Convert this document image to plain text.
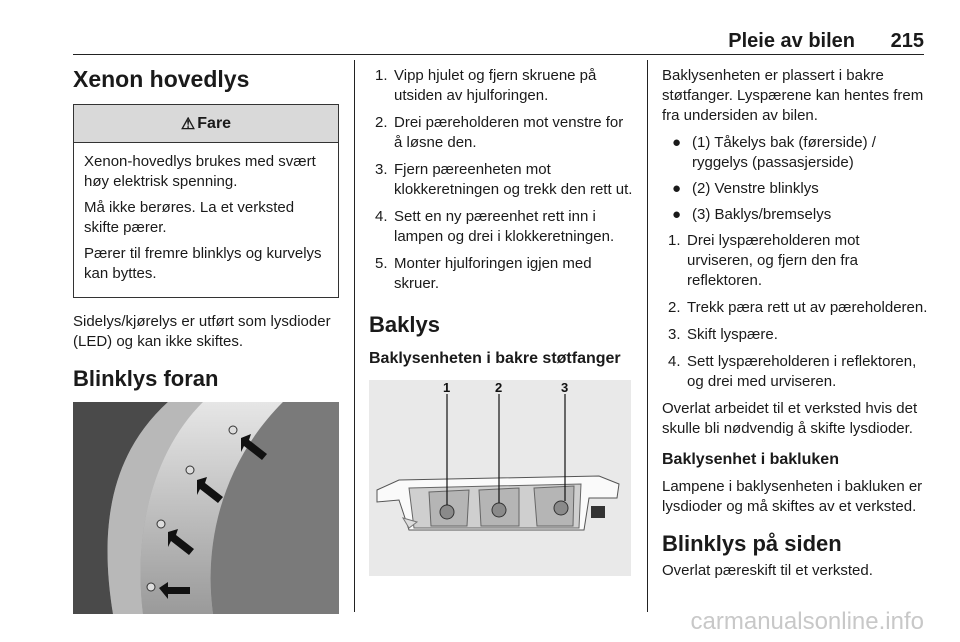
Pleie av bilen 215
Xenon hovedlys
⚠ Fare

Xenon-hovedlys brukes med svært høy elektrisk spenning.

Må ikke berøres. La et verksted skifte pærer.

Pærer til fremre blinklys og kurvelys kan byttes.

Sidelys/kjørelys er utført som lysdioder (LED) og kan ikke skiftes.

Blinklys foran
1. Vipp hjulet og fjern skruene på utsiden av hjulforingen.
2. Drei pæreholderen mot venstre for å løsne den.
3. Fjern pæreenheten mot klokkeretningen og trekk den rett ut.
4. Sett en ny pæreenhet rett inn i lampen og drei i klokkeretningen.
5. Monter hjulforingen igjen med skruer.
Baklys
Baklysenheten i bakre støtfanger
1	2	3

Baklysenheten er plassert i bakre støtfanger. Lyspærene kan hentes frem fra undersiden av bilen.

● (1) Tåkelys bak (førerside) / ryggelys (passasjerside)
● (2) Venstre blinklys
● (3) Baklys/bremselys
1. Drei lyspæreholderen mot urviseren, og fjern den fra reflektoren.
2. Trekk pæra rett ut av pæreholderen.
3. Skift lyspære.
4. Sett lyspæreholderen i reflektoren, og drei med urviseren.

Overlat arbeidet til et verksted hvis det skulle bli nødvendig å skifte lysdioder.

Baklysenhet i bakluken

Lampene i baklysenheten i bakluken er lysdioder og må skiftes av et verksted.

Blinklys på siden

Overlat pæreskift til et verksted.

carmanualsonline.info
